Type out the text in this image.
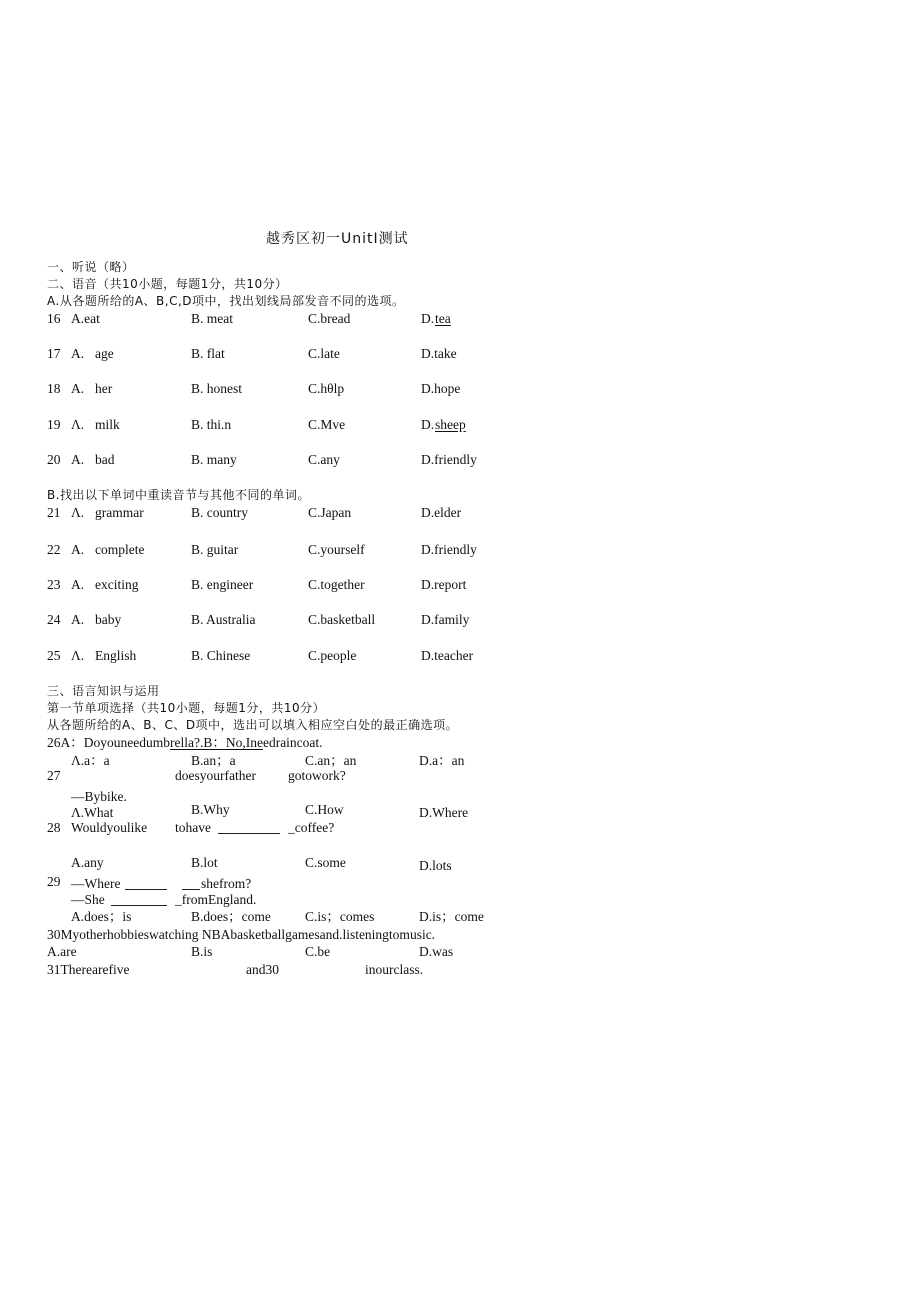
越秀区初一UnitI测试
一、听说（略）
二、语音（共10小题，每题1分，共10分）
A.从各题所给的A、B,C,D项中，找出划线局部发音不同的选项。
16 A.eat	B. meat	C.bread	D. tea
17 A. age	B. flat	C.late	D.take
18 A. her	B. honest	C.hθlp	D.hope
19 Λ. milk	B. thi.n	C.Mve	D. sheep
20 A. bad	B. many	C.any	D.friendly
B.找出以下单词中重读音节与其他不同的单词。
21 Λ. grammar	B. country	C.Japan	D.elder
22 A. complete	B. guitar	C.yourself	D.friendly
23 A. exciting	B. engineer	C.together	D.report
24 A. baby	B. Australia	C.basketball	D.family
25 Λ. English	B. Chinese	C.people	D.teacher
三、语言知识与运用
第一节单项选择（共10小题，每题1分，共10分）
从各题所给的A、B、C、D项中，选出可以填入相应空白处的最正确选项。
26A：Doyouneedumbrella?.B：No,Ineedraincoat.
Λ.a：a	B.an；a	C.an；an	D.a：an
27	doesyourfather gotowork?
—Bybike.
Λ.What	B.Why	C.How	D.Where
28 Wouldyoulike tohave	_coffee?
A.any	B.lot	C.some	D.lots
29 —Where	shefrom?
—She	_fromEngland.
A.does；is	B.does；come	C.is；comes	D.is；come
30Myotherhobbieswatching NBAbasketballgamesand.listeningtomusic.
A.are	B.is	C.be	D.was
31Therearefive	and30	inourclass.
